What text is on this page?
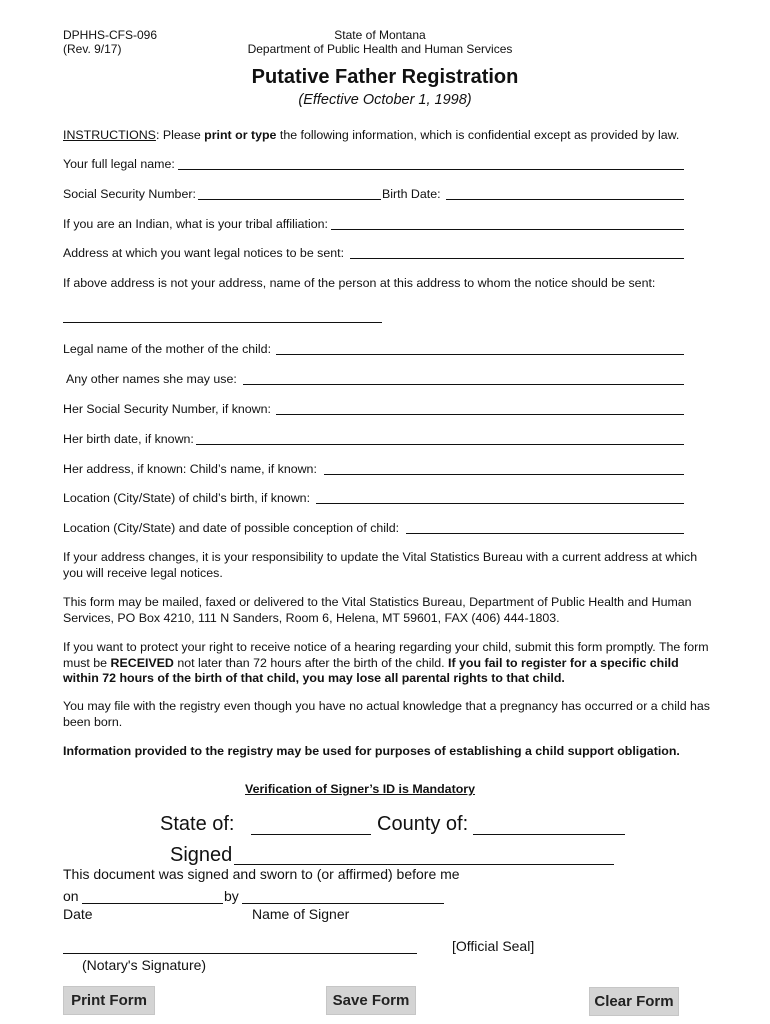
DPHHS-CFS-096
(Rev. 9/17)
State of Montana
Department of Public Health and Human Services
Putative Father Registration
(Effective October 1, 1998)
INSTRUCTIONS: Please print or type the following information, which is confidential except as provided by law.
Your full legal name:
Social Security Number:	Birth Date:
If you are an Indian, what is your tribal affiliation:
Address at which you want legal notices to be sent:
If above address is not your address, name of the person at this address to whom the notice should be sent:
Legal name of the mother of the child:
Any other names she may use:
Her Social Security Number, if known:
Her birth date, if known:
Her address, if known: Child’s name, if known:
Location (City/State) of child’s birth, if known:
Location (City/State) and date of possible conception of child:
If your address changes, it is your responsibility to update the Vital Statistics Bureau with a current address at which you will receive legal notices.
This form may be mailed, faxed or delivered to the Vital Statistics Bureau, Department of Public Health and Human Services, PO Box 4210, 111 N Sanders, Room 6, Helena, MT 59601, FAX (406) 444-1803.
If you want to protect your right to receive notice of a hearing regarding your child, submit this form promptly. The form must be RECEIVED not later than 72 hours after the birth of the child. If you fail to register for a specific child within 72 hours of the birth of that child, you may lose all parental rights to that child.
You may file with the registry even though you have no actual knowledge that a pregnancy has occurred or a child has been born.
Information provided to the registry may be used for purposes of establishing a child support obligation.
Verification of Signer’s ID is Mandatory
State of:	County of:
Signed
This document was signed and sworn to (or affirmed) before me
on	by
Date	Name of Signer
[Official Seal]
(Notary's Signature)
Print Form	Save Form	Clear Form
